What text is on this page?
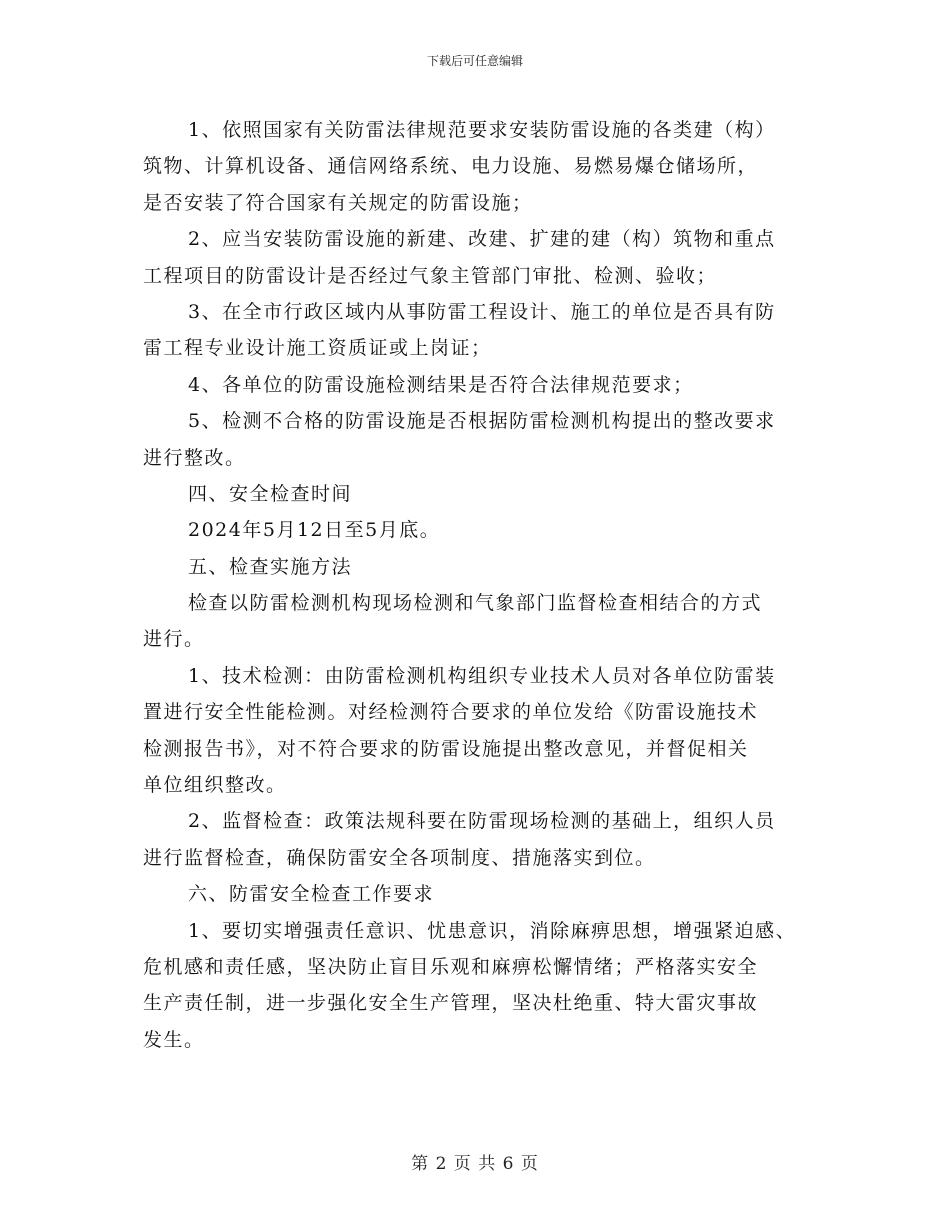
下载后可任意编辑
1、依照国家有关防雷法律规范要求安装防雷设施的各类建（构）
筑物、计算机设备、通信网络系统、电力设施、易燃易爆仓储场所，
是否安装了符合国家有关规定的防雷设施；
2、应当安装防雷设施的新建、改建、扩建的建（构）筑物和重点
工程项目的防雷设计是否经过气象主管部门审批、检测、验收；
3、在全市行政区域内从事防雷工程设计、施工的单位是否具有防
雷工程专业设计施工资质证或上岗证；
4、各单位的防雷设施检测结果是否符合法律规范要求；
5、检测不合格的防雷设施是否根据防雷检测机构提出的整改要求
进行整改。
四、安全检查时间
2024年5月12日至5月底。
五、检查实施方法
检查以防雷检测机构现场检测和气象部门监督检查相结合的方式
进行。
1、技术检测：由防雷检测机构组织专业技术人员对各单位防雷装
置进行安全性能检测。对经检测符合要求的单位发给《防雷设施技术
检测报告书》，对不符合要求的防雷设施提出整改意见，并督促相关
单位组织整改。
2、监督检查：政策法规科要在防雷现场检测的基础上，组织人员
进行监督检查，确保防雷安全各项制度、措施落实到位。
六、防雷安全检查工作要求
1、要切实增强责任意识、忧患意识，消除麻痹思想，增强紧迫感、
危机感和责任感，坚决防止盲目乐观和麻痹松懈情绪；严格落实安全
生产责任制，进一步强化安全生产管理，坚决杜绝重、特大雷灾事故
发生。
第 2 页 共 6 页
